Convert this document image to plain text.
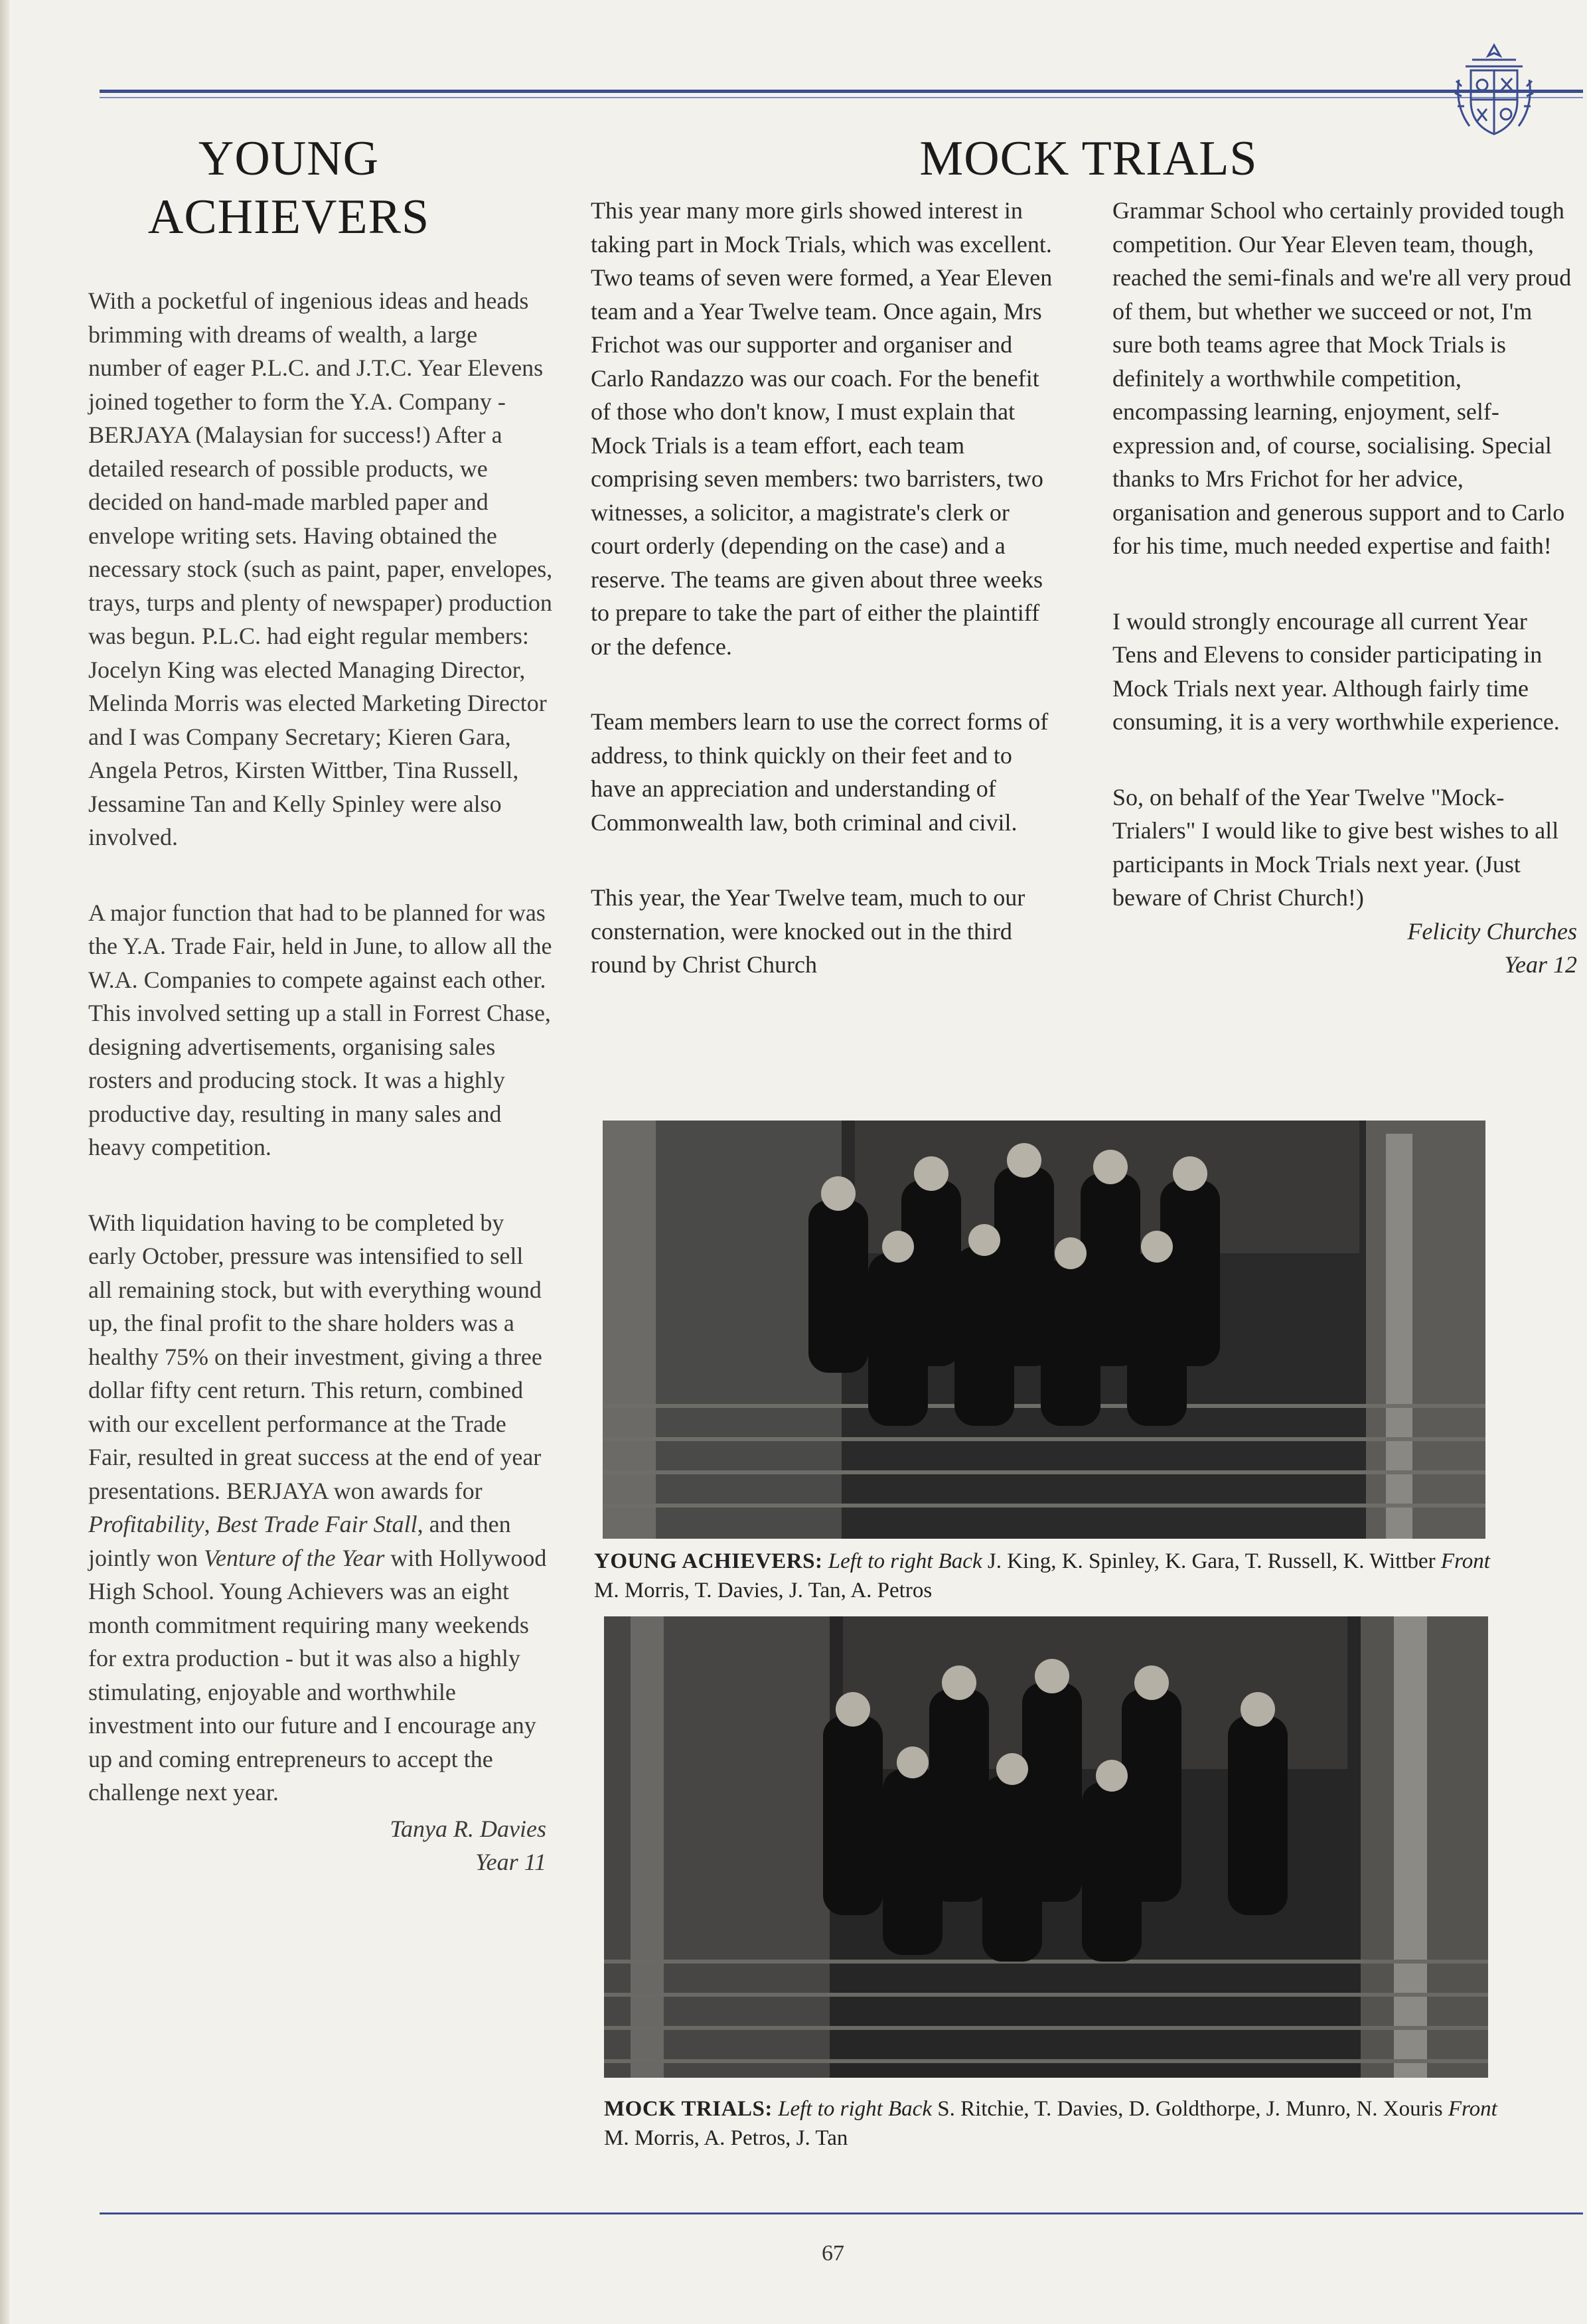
YOUNG
ACHIEVERS

With a pocketful of ingenious ideas and heads brimming with dreams of wealth, a large number of eager P.L.C. and J.T.C. Year Elevens joined together to form the Y.A. Company - BERJAYA (Malaysian for success!) After a detailed research of possible products, we decided on hand-made marbled paper and envelope writing sets. Having obtained the necessary stock (such as paint, paper, envelopes, trays, turps and plenty of newspaper) production was begun. P.L.C. had eight regular members: Jocelyn King was elected Managing Director, Melinda Morris was elected Marketing Director and I was Company Secretary; Kieren Gara, Angela Petros, Kirsten Wittber, Tina Russell, Jessamine Tan and Kelly Spinley were also involved.

A major function that had to be planned for was the Y.A. Trade Fair, held in June, to allow all the W.A. Companies to compete against each other. This involved setting up a stall in Forrest Chase, designing advertisements, organising sales rosters and producing stock. It was a highly productive day, resulting in many sales and heavy competition.

With liquidation having to be completed by early October, pressure was intensified to sell all remaining stock, but with everything wound up, the final profit to the share holders was a healthy 75% on their investment, giving a three dollar fifty cent return. This return, combined with our excellent performance at the Trade Fair, resulted in great success at the end of year presentations. BERJAYA won awards for Profitability, Best Trade Fair Stall, and then jointly won Venture of the Year with Hollywood High School. Young Achievers was an eight month commitment requiring many weekends for extra production - but it was also a highly stimulating, enjoyable and worthwhile investment into our future and I encourage any up and coming entrepreneurs to accept the challenge next year.

Tanya R. Davies
Year 11
MOCK TRIALS

This year many more girls showed interest in taking part in Mock Trials, which was excellent. Two teams of seven were formed, a Year Eleven team and a Year Twelve team. Once again, Mrs Frichot was our supporter and organiser and Carlo Randazzo was our coach. For the benefit of those who don't know, I must explain that Mock Trials is a team effort, each team comprising seven members: two barristers, two witnesses, a solicitor, a magistrate's clerk or court orderly (depending on the case) and a reserve. The teams are given about three weeks to prepare to take the part of either the plaintiff or the defence.

Team members learn to use the correct forms of address, to think quickly on their feet and to have an appreciation and understanding of Commonwealth law, both criminal and civil.

This year, the Year Twelve team, much to our consternation, were knocked out in the third round by Christ Church

Grammar School who certainly provided tough competition. Our Year Eleven team, though, reached the semi-finals and we're all very proud of them, but whether we succeed or not, I'm sure both teams agree that Mock Trials is definitely a worthwhile competition, encompassing learning, enjoyment, self-expression and, of course, socialising. Special thanks to Mrs Frichot for her advice, organisation and generous support and to Carlo for his time, much needed expertise and faith!

I would strongly encourage all current Year Tens and Elevens to consider participating in Mock Trials next year. Although fairly time consuming, it is a very worthwhile experience.

So, on behalf of the Year Twelve "Mock-Trialers" I would like to give best wishes to all participants in Mock Trials next year. (Just beware of Christ Church!)

Felicity Churches
Year 12
YOUNG ACHIEVERS: Left to right Back J. King, K. Spinley, K. Gara, T. Russell, K. Wittber Front M. Morris, T. Davies, J. Tan, A. Petros
MOCK TRIALS: Left to right Back S. Ritchie, T. Davies, D. Goldthorpe, J. Munro, N. Xouris Front M. Morris, A. Petros, J. Tan
67
